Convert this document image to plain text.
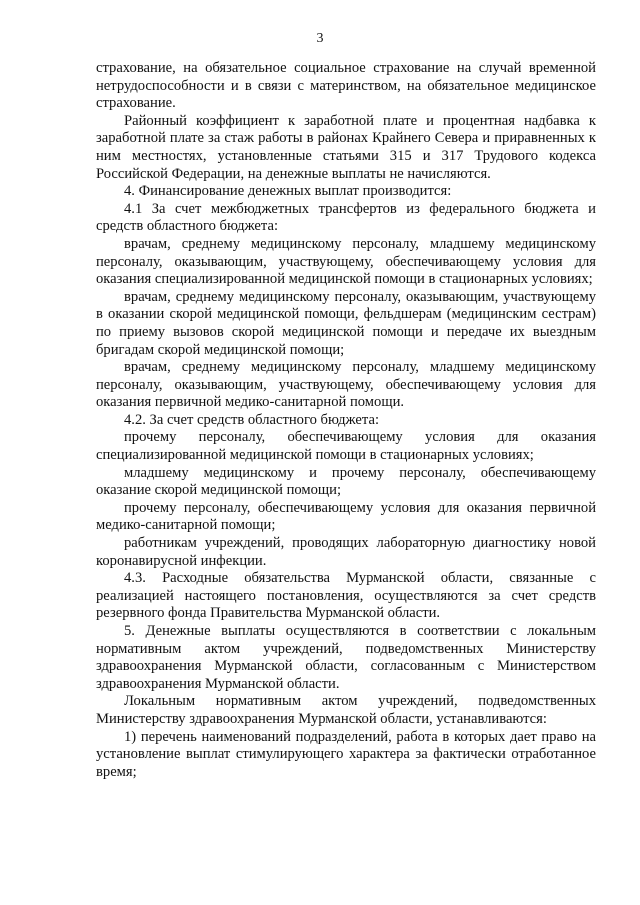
3

страхование, на обязательное социальное страхование на случай временной нетрудоспособности и в связи с материнством, на обязательное медицинское страхование.

Районный коэффициент к заработной плате и процентная надбавка к заработной плате за стаж работы в районах Крайнего Севера и приравненных к ним местностях, установленные статьями 315 и 317 Трудового кодекса Российской Федерации, на денежные выплаты не начисляются.

4. Финансирование денежных выплат производится:

4.1 За счет межбюджетных трансфертов из федерального бюджета и средств областного бюджета:

врачам, среднему медицинскому персоналу, младшему медицинскому персоналу, оказывающим, участвующему, обеспечивающему условия для оказания специализированной медицинской помощи в стационарных условиях;

врачам, среднему медицинскому персоналу, оказывающим, участвующему в оказании скорой медицинской помощи, фельдшерам (медицинским сестрам) по приему вызовов скорой медицинской помощи и передаче их выездным бригадам скорой медицинской помощи;

врачам, среднему медицинскому персоналу, младшему медицинскому персоналу, оказывающим, участвующему, обеспечивающему условия для оказания первичной медико-санитарной помощи.

4.2. За счет средств областного бюджета:

прочему персоналу, обеспечивающему условия для оказания специализированной медицинской помощи в стационарных условиях;

младшему медицинскому и прочему персоналу, обеспечивающему оказание скорой медицинской помощи;

прочему персоналу, обеспечивающему условия для оказания первичной медико-санитарной помощи;

работникам учреждений, проводящих лабораторную диагностику новой коронавирусной инфекции.

4.3. Расходные обязательства Мурманской области, связанные с реализацией настоящего постановления, осуществляются за счет средств резервного фонда Правительства Мурманской области.

5. Денежные выплаты осуществляются в соответствии с локальным нормативным актом учреждений, подведомственных Министерству здравоохранения Мурманской области, согласованным с Министерством здравоохранения Мурманской области.

Локальным нормативным актом учреждений, подведомственных Министерству здравоохранения Мурманской области, устанавливаются:

1) перечень наименований подразделений, работа в которых дает право на установление выплат стимулирующего характера за фактически отработанное время;
